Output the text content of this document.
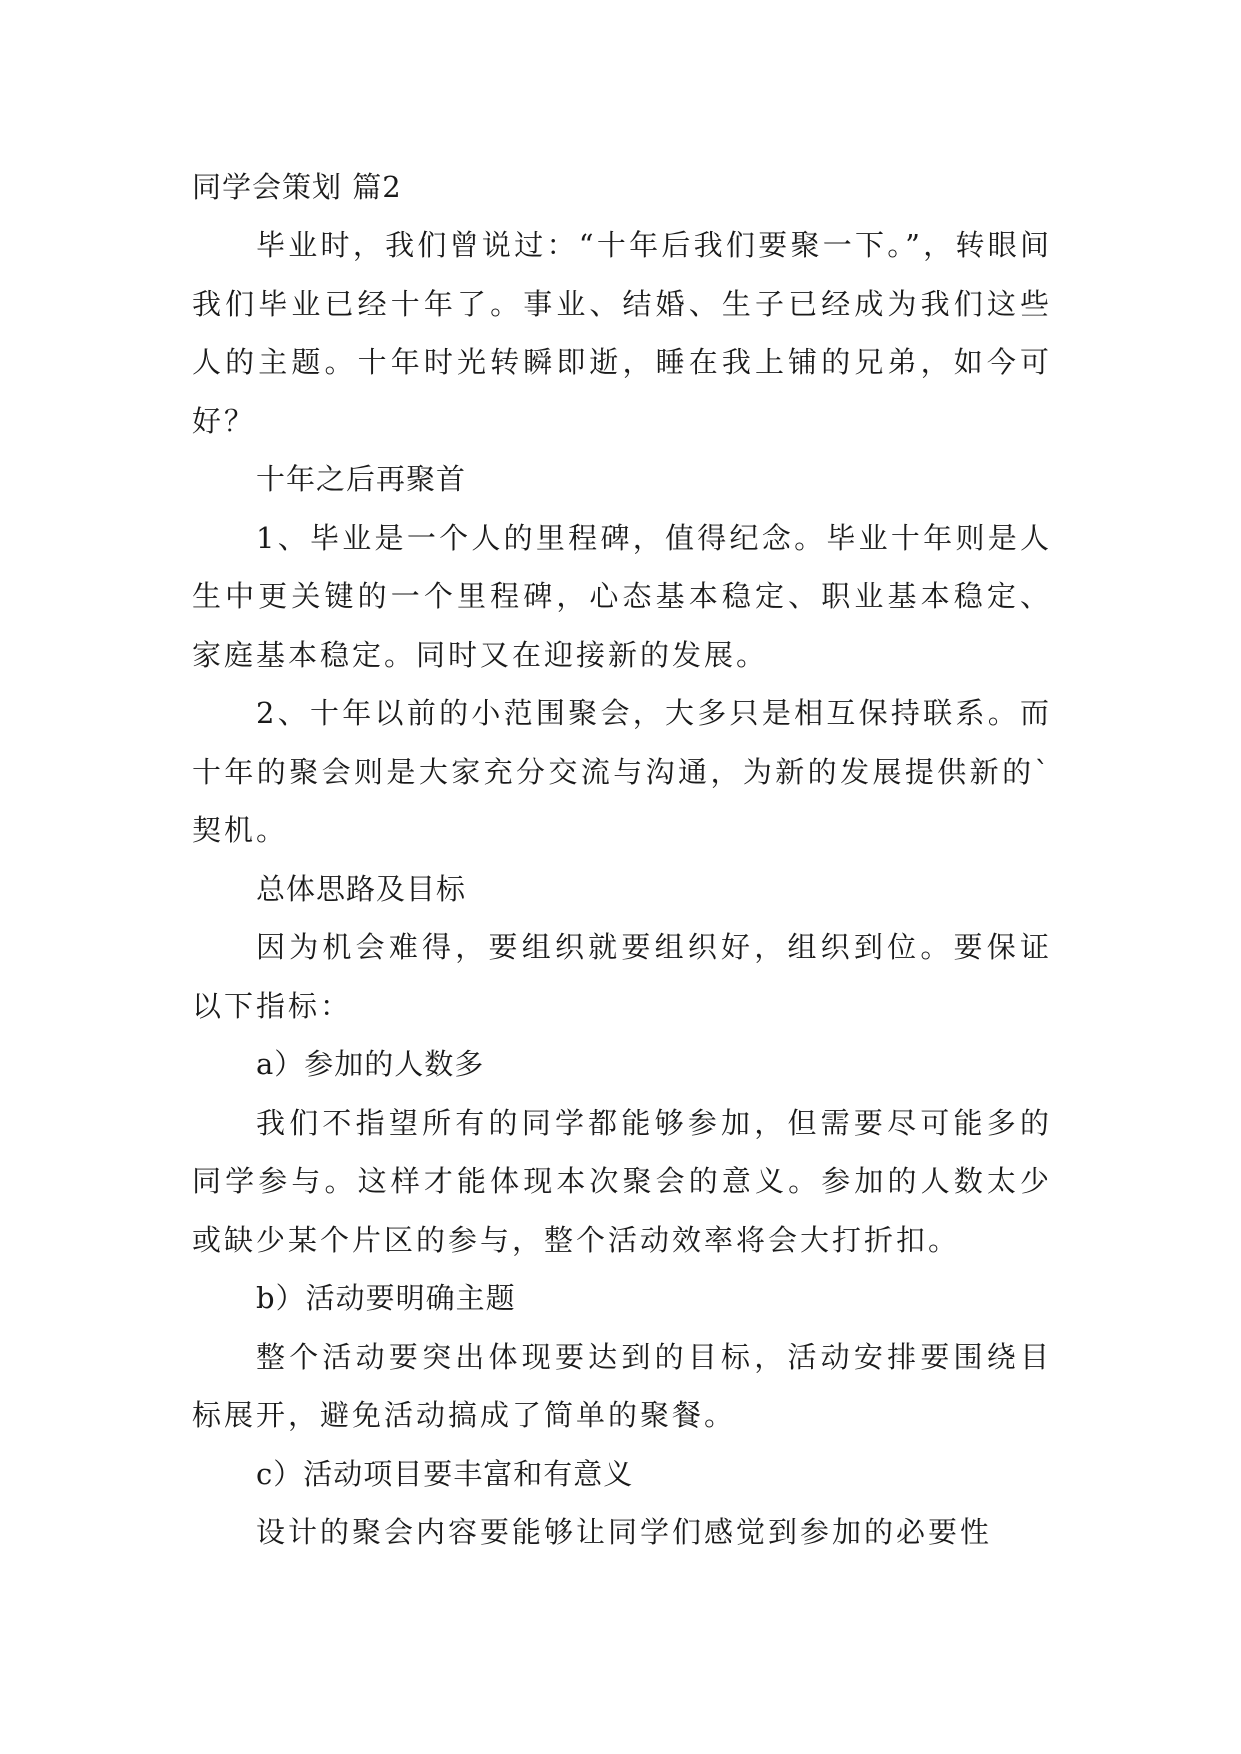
同学会策划 篇2

毕业时，我们曾说过：“十年后我们要聚一下。”，转眼间我们毕业已经十年了。事业、结婚、生子已经成为我们这些人的主题。十年时光转瞬即逝，睡在我上铺的兄弟，如今可好？

十年之后再聚首

1、毕业是一个人的里程碑，值得纪念。毕业十年则是人生中更关键的一个里程碑，心态基本稳定、职业基本稳定、家庭基本稳定。同时又在迎接新的发展。

2、十年以前的小范围聚会，大多只是相互保持联系。而十年的聚会则是大家充分交流与沟通，为新的发展提供新的`契机。

总体思路及目标

因为机会难得，要组织就要组织好，组织到位。要保证以下指标：

a）参加的人数多

我们不指望所有的同学都能够参加，但需要尽可能多的同学参与。这样才能体现本次聚会的意义。参加的人数太少或缺少某个片区的参与，整个活动效率将会大打折扣。

b）活动要明确主题

整个活动要突出体现要达到的目标，活动安排要围绕目标展开，避免活动搞成了简单的聚餐。

c）活动项目要丰富和有意义

设计的聚会内容要能够让同学们感觉到参加的必要性
